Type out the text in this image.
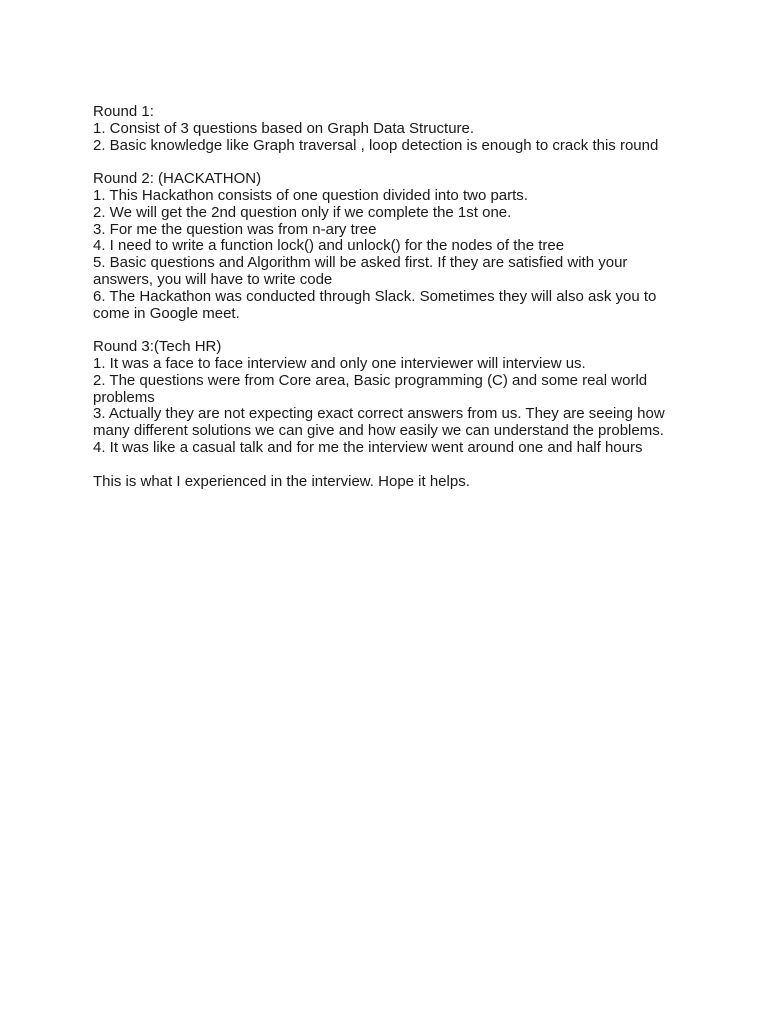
Round 1:

1. Consist of 3 questions based on Graph Data Structure.

2. Basic knowledge like Graph traversal , loop detection is enough to crack this round

Round 2: (HACKATHON)

1. This Hackathon consists of one question divided into two parts.

2. We will get the 2nd question only if we complete the 1st one.

3. For me the question was from n-ary tree

4. I need to write a function lock() and unlock() for the nodes of the tree

5. Basic questions and Algorithm will be asked first. If they are satisfied with your answers, you will have to write code

6. The Hackathon was conducted through Slack. Sometimes they will also ask you to come in Google meet.

Round 3:(Tech HR)

1. It was a face to face interview and only one interviewer will interview us.

2. The questions were from Core area, Basic programming (C) and some real world problems

3. Actually they are not expecting exact correct answers from us. They are seeing how many different solutions we can give and how easily we can understand the problems.

4. It was like a casual talk and for me the interview went around one and half hours

This is what I experienced in the interview. Hope it helps.
